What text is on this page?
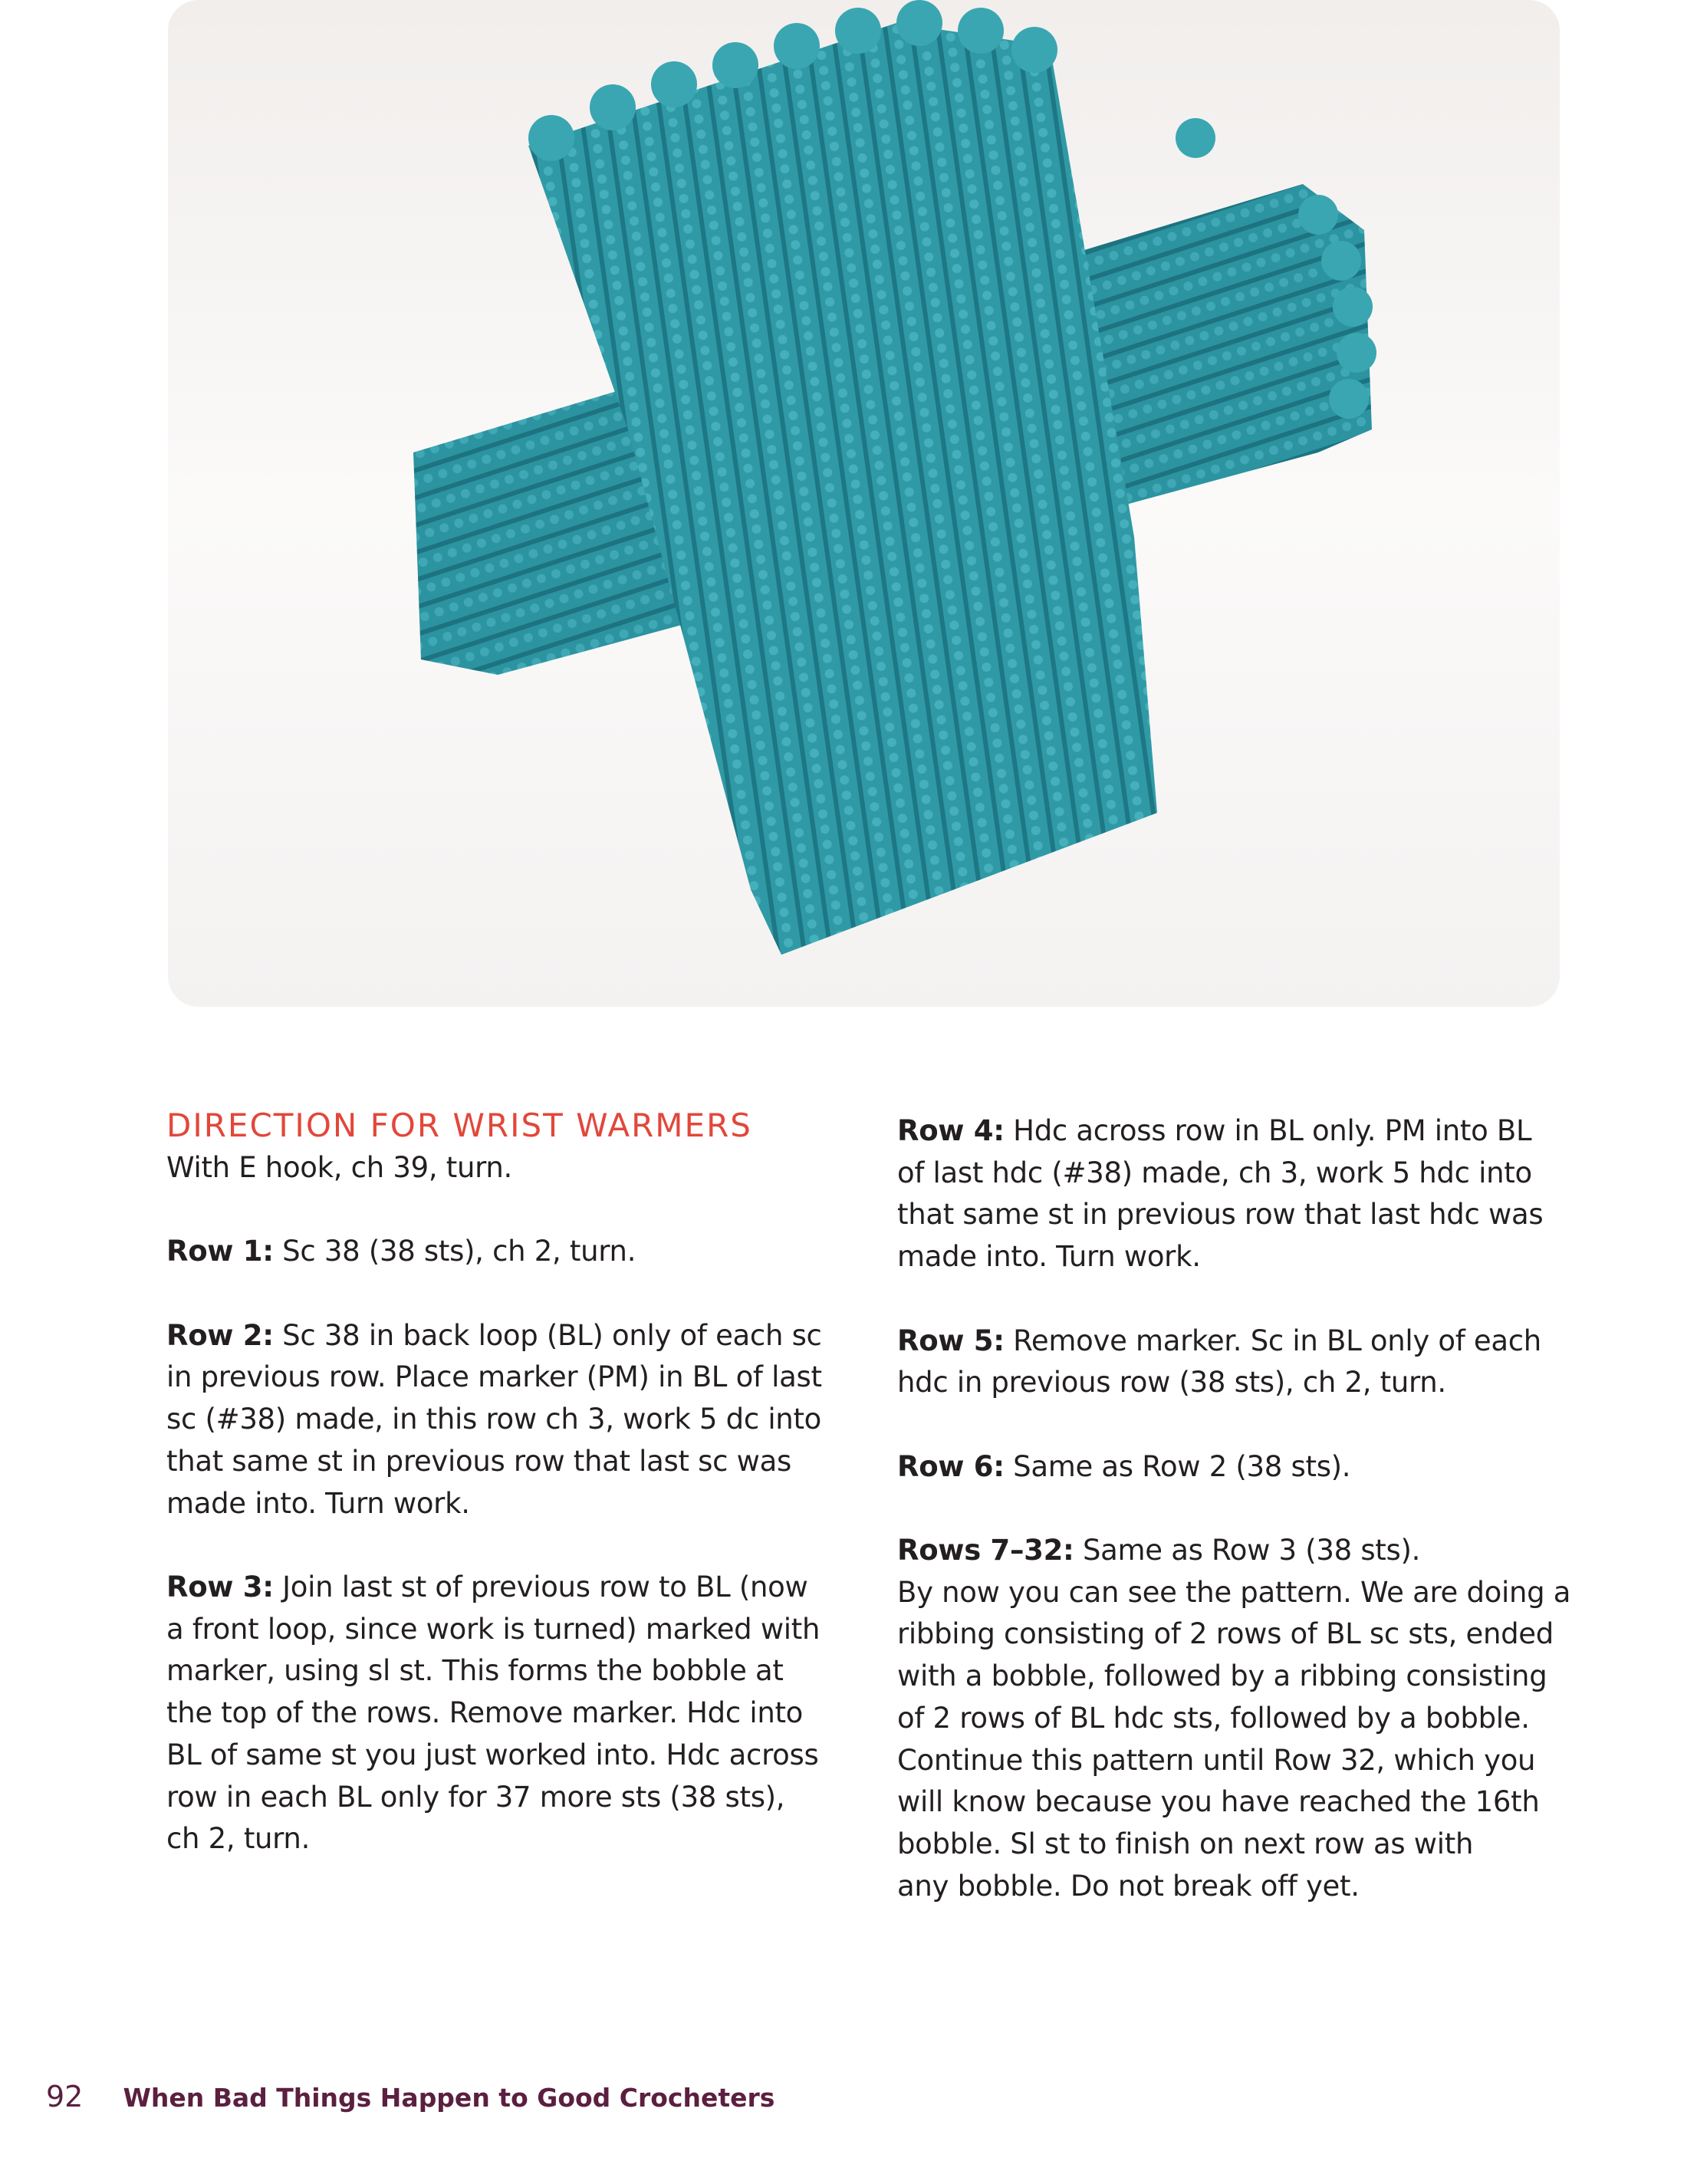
DIRECTION FOR WRIST WARMERS

With E hook, ch 39, turn.

Row 1: Sc 38 (38 sts), ch 2, turn.

Row 2: Sc 38 in back loop (BL) only of each sc
in previous row. Place marker (PM) in BL of last
sc (#38) made, in this row ch 3, work 5 dc into
that same st in previous row that last sc was
made into. Turn work.

Row 3: Join last st of previous row to BL (now
a front loop, since work is turned) marked with
marker, using sl st. This forms the bobble at
the top of the rows. Remove marker. Hdc into
BL of same st you just worked into. Hdc across
row in each BL only for 37 more sts (38 sts),
ch 2, turn.

Row 4: Hdc across row in BL only. PM into BL
of last hdc (#38) made, ch 3, work 5 hdc into
that same st in previous row that last hdc was
made into. Turn work.

Row 5: Remove marker. Sc in BL only of each
hdc in previous row (38 sts), ch 2, turn.

Row 6: Same as Row 2 (38 sts).

Rows 7–32: Same as Row 3 (38 sts).
By now you can see the pattern. We are doing a
ribbing consisting of 2 rows of BL sc sts, ended
with a bobble, followed by a ribbing consisting
of 2 rows of BL hdc sts, followed by a bobble.
Continue this pattern until Row 32, which you
will know because you have reached the 16th
bobble. Sl st to finish on next row as with
any bobble. Do not break off yet.

92 When Bad Things Happen to Good Crocheters
